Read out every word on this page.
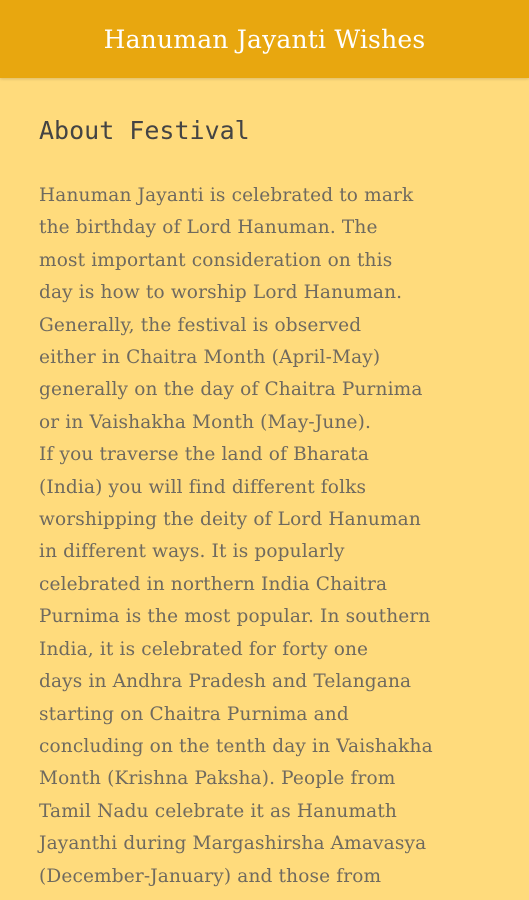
Hanuman Jayanti Wishes
About Festival

Hanuman Jayanti is celebrated to mark
the birthday of Lord Hanuman. The
most important consideration on this
day is how to worship Lord Hanuman.
Generally, the festival is observed
either in Chaitra Month (April-May)
generally on the day of Chaitra Purnima
or in Vaishakha Month (May-June).
If you traverse the land of Bharata
(India) you will find different folks
worshipping the deity of Lord Hanuman
in different ways. It is popularly
celebrated in northern India Chaitra
Purnima is the most popular. In southern
India, it is celebrated for forty one
days in Andhra Pradesh and Telangana
starting on Chaitra Purnima and
concluding on the tenth day in Vaishakha
Month (Krishna Paksha). People from
Tamil Nadu celebrate it as Hanumath
Jayanthi during Margashirsha Amavasya
(December-January) and those from
